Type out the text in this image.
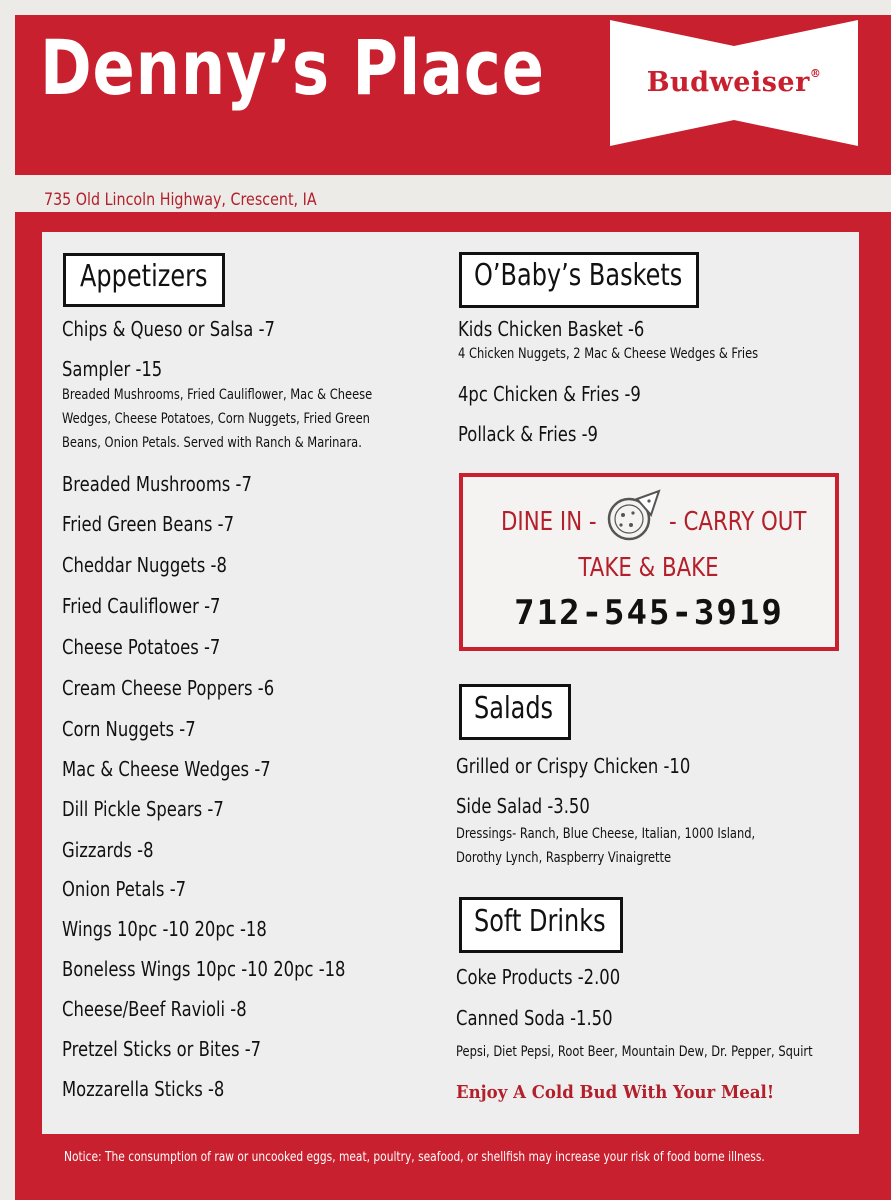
Denny’s Place	Budweiser®
735 Old Lincoln Highway, Crescent, IA
Appetizers
Chips & Queso or Salsa -7
Sampler -15
Breaded Mushrooms, Fried Cauliflower, Mac & Cheese
Wedges, Cheese Potatoes, Corn Nuggets, Fried Green
Beans, Onion Petals. Served with Ranch & Marinara.
Breaded Mushrooms -7
Fried Green Beans -7
Cheddar Nuggets -8
Fried Cauliflower -7
Cheese Potatoes -7
Cream Cheese Poppers -6
Corn Nuggets -7
Mac & Cheese Wedges -7
Dill Pickle Spears -7
Gizzards -8
Onion Petals -7
Wings 10pc -10 20pc -18
Boneless Wings 10pc -10 20pc -18
Cheese/Beef Ravioli -8
Pretzel Sticks or Bites -7
Mozzarella Sticks -8
O’Baby’s Baskets
Kids Chicken Basket -6
4 Chicken Nuggets, 2 Mac & Cheese Wedges & Fries
4pc Chicken & Fries -9
Pollack & Fries -9
DINE IN -	- CARRY OUT
TAKE & BAKE
712-545-3919
Salads
Grilled or Crispy Chicken -10
Side Salad -3.50
Dressings- Ranch, Blue Cheese, Italian, 1000 Island,
Dorothy Lynch, Raspberry Vinaigrette
Soft Drinks
Coke Products -2.00
Canned Soda -1.50
Pepsi, Diet Pepsi, Root Beer, Mountain Dew, Dr. Pepper, Squirt
Enjoy A Cold Bud With Your Meal!
Notice: The consumption of raw or uncooked eggs, meat, poultry, seafood, or shellfish may increase your risk of food borne illness.
